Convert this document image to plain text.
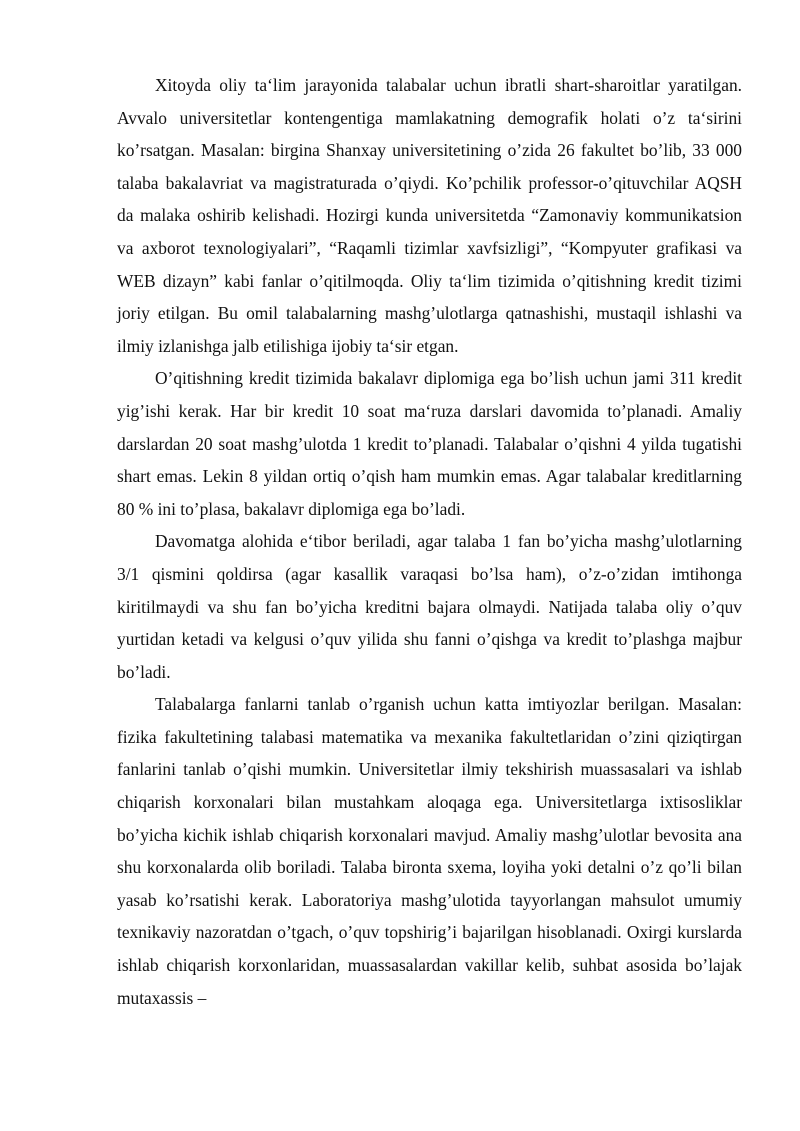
Xitoyda oliy ta‘lim jarayonida talabalar uchun ibratli shart-sharoitlar yaratilgan. Avvalo universitetlar kontengentiga mamlakatning demografik holati o’z ta‘sirini ko’rsatgan. Masalan: birgina Shanxay universitetining o’zida 26 fakultet bo’lib, 33 000 talaba bakalavriat va magistraturada o’qiydi. Ko’pchilik professor-o’qituvchilar AQSH da malaka oshirib kelishadi. Hozirgi kunda universitetda “Zamonaviy kommunikatsion va axborot texnologiyalari”, “Raqamli tizimlar xavfsizligi”, “Kompyuter grafikasi va WEB dizayn” kabi fanlar o’qitilmoqda. Oliy ta‘lim tizimida o’qitishning kredit tizimi joriy etilgan. Bu omil talabalarning mashg’ulotlarga qatnashishi, mustaqil ishlashi va ilmiy izlanishga jalb etilishiga ijobiy ta‘sir etgan.

O’qitishning kredit tizimida bakalavr diplomiga ega bo’lish uchun jami 311 kredit yig’ishi kerak. Har bir kredit 10 soat ma‘ruza darslari davomida to’planadi. Amaliy darslardan 20 soat mashg’ulotda 1 kredit to’planadi. Talabalar o’qishni 4 yilda tugatishi shart emas. Lekin 8 yildan ortiq o’qish ham mumkin emas. Agar talabalar kreditlarning 80 % ini to’plasa, bakalavr diplomiga ega bo’ladi.

Davomatga alohida e‘tibor beriladi, agar talaba 1 fan bo’yicha mashg’ulotlarning 3/1 qismini qoldirsa (agar kasallik varaqasi bo’lsa ham), o’z-o’zidan imtihonga kiritilmaydi va shu fan bo’yicha kreditni bajara olmaydi. Natijada talaba oliy o’quv yurtidan ketadi va kelgusi o’quv yilida shu fanni o’qishga va kredit to’plashga majbur bo’ladi.

Talabalarga fanlarni tanlab o’rganish uchun katta imtiyozlar berilgan. Masalan: fizika fakultetining talabasi matematika va mexanika fakultetlaridan o’zini qiziqtirgan fanlarini tanlab o’qishi mumkin. Universitetlar ilmiy tekshirish muassasalari va ishlab chiqarish korxonalari bilan mustahkam aloqaga ega. Universitetlarga ixtisosliklar bo’yicha kichik ishlab chiqarish korxonalari mavjud. Amaliy mashg’ulotlar bevosita ana shu korxonalarda olib boriladi. Talaba bironta sxema, loyiha yoki detalni o’z qo’li bilan yasab ko’rsatishi kerak. Laboratoriya mashg’ulotida tayyorlangan mahsulot umumiy texnikaviy nazoratdan o’tgach, o’quv topshirig’i bajarilgan hisoblanadi. Oxirgi kurslarda ishlab chiqarish korxonlaridan, muassasalardan vakillar kelib, suhbat asosida bo’lajak mutaxassis –
